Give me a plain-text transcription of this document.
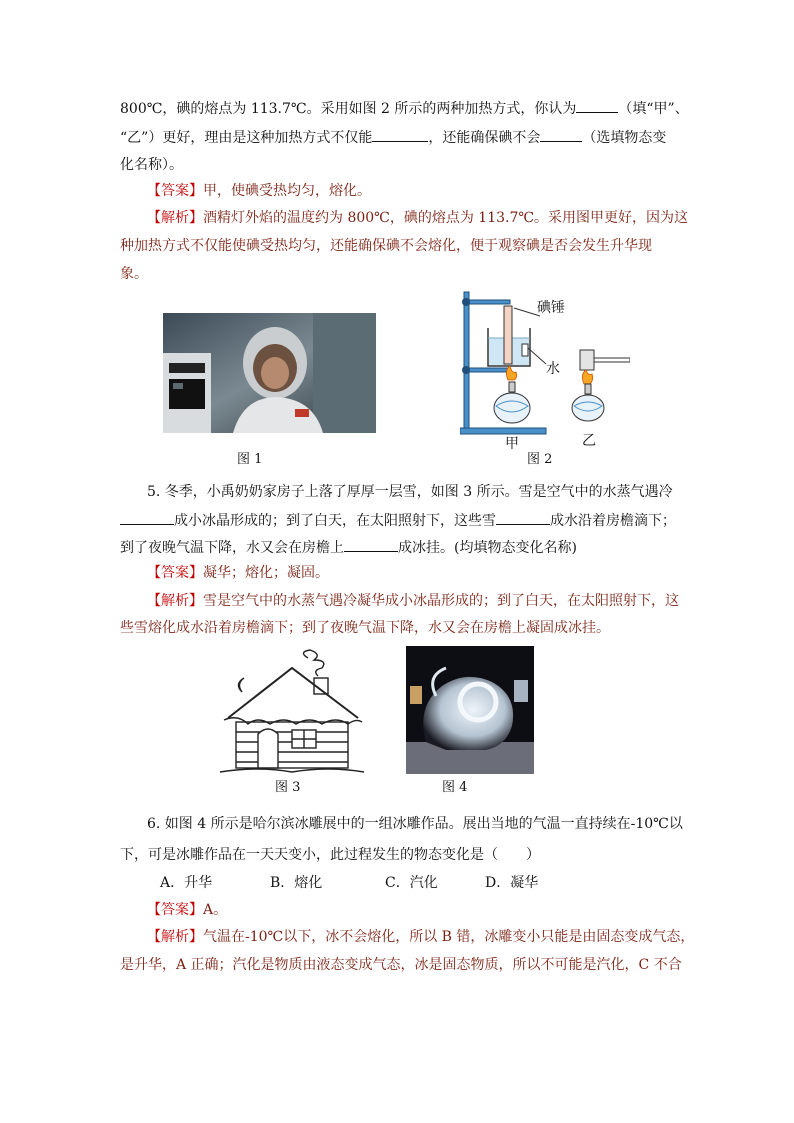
800℃，碘的熔点为 113.7℃。采用如图 2 所示的两种加热方式，你认为	（填“甲”、
“乙”）更好，理由是这种加热方式不仅能	，还能确保碘不会	（选填物态变
化名称）。
【答案】甲，使碘受热均匀，熔化。
【解析】酒精灯外焰的温度约为 800℃，碘的熔点为 113.7℃。采用图甲更好，因为这
种加热方式不仅能使碘受热均匀，还能确保碘不会熔化，便于观察碘是否会发生升华现
象。
图 1
碘锤
水
甲	乙
图 2
5. 冬季，小禹奶奶家房子上落了厚厚一层雪，如图 3 所示。雪是空气中的水蒸气遇冷
成小冰晶形成的；到了白天，在太阳照射下，这些雪	成水沿着房檐滴下；
到了夜晚气温下降，水又会在房檐上	成冰挂。(均填物态变化名称)
【答案】凝华；熔化；凝固。
【解析】雪是空气中的水蒸气遇冷凝华成小冰晶形成的；到了白天，在太阳照射下，这
些雪熔化成水沿着房檐滴下；到了夜晚气温下降，水又会在房檐上凝固成冰挂。
图 3	图 4
6. 如图 4 所示是哈尔滨冰雕展中的一组冰雕作品。展出当地的气温一直持续在-10℃以
下，可是冰雕作品在一天天变小，此过程发生的物态变化是（　　）
A．升华	B．熔化	C．汽化	D．凝华
【答案】A。
【解析】气温在-10℃以下，冰不会熔化，所以 B 错，冰雕变小只能是由固态变成气态，
是升华，A 正确；汽化是物质由液态变成气态，冰是固态物质，所以不可能是汽化，C 不合
